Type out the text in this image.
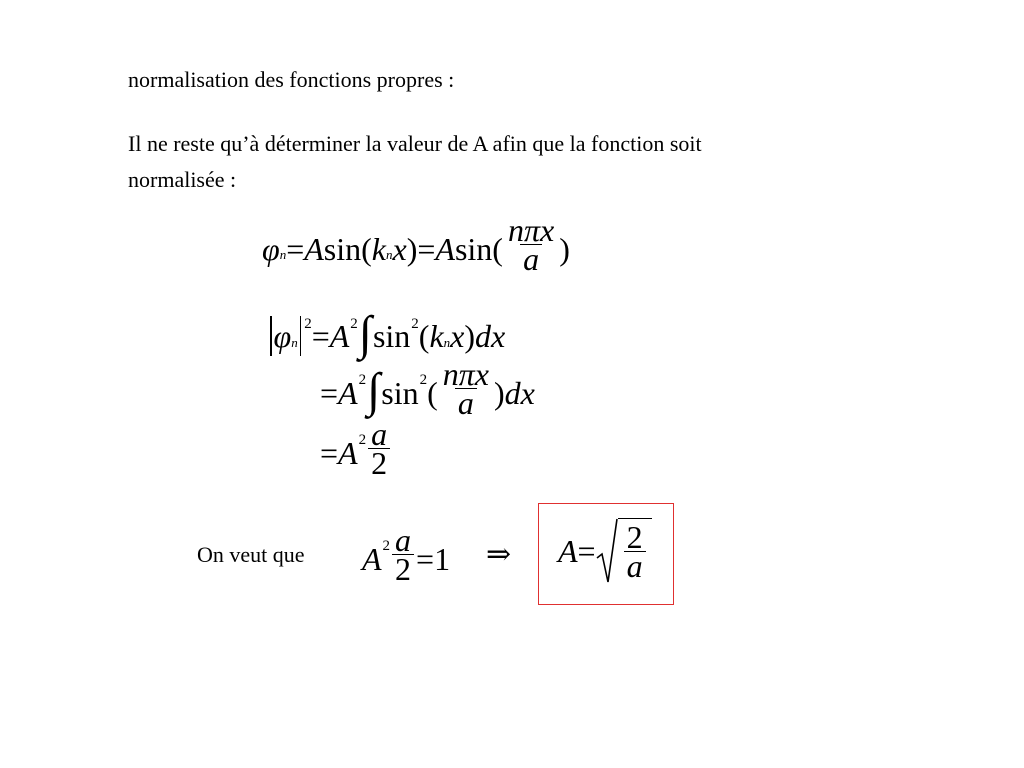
normalisation des fonctions propres :
Il ne reste qu’à déterminer la valeur de A afin que la fonction soit
normalisée :
φ n = A sin ( k n x ) = A sin ( $\frac{\text{nπx}}{a}$ )
φ n
2 = A 2 ∫ sin 2 ( k n x ) dx
= A 2 ∫ sin 2 ( $\frac{\text{nπx}}{a}$ ) dx
= A $2 \frac{a}{2}$
On veut que A $2 \frac{a}{2} = 1$ ⇒ $A = \frac{2}{a}$
